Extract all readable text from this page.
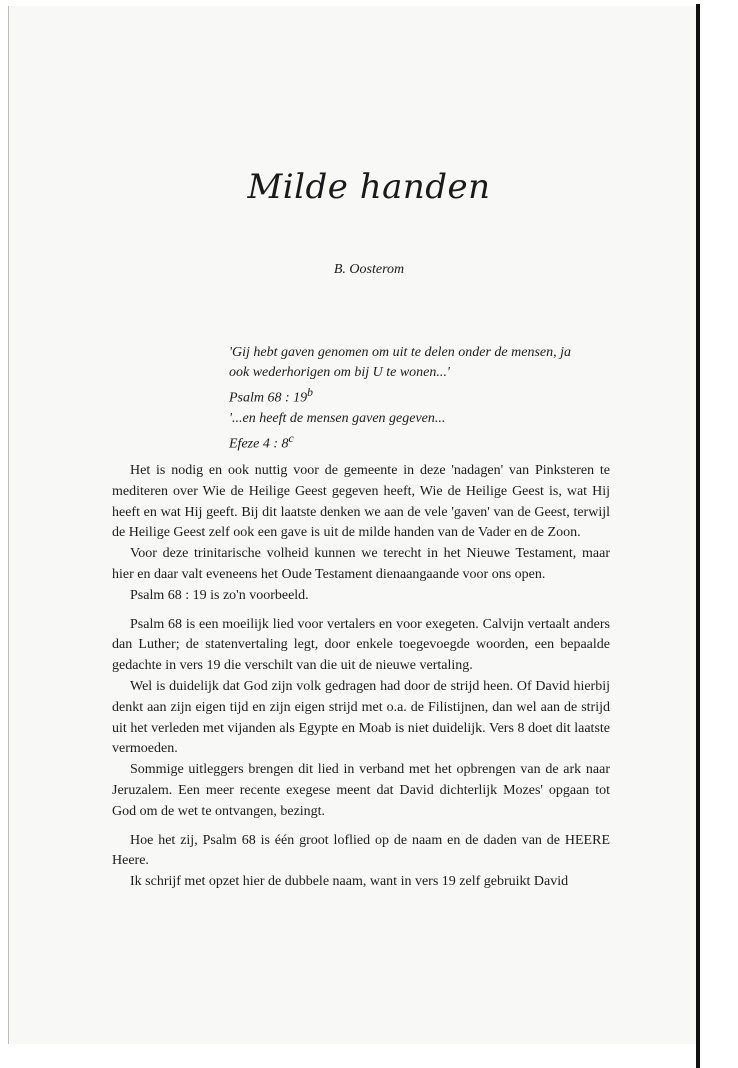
Milde handen
B. Oosterom
'Gij hebt gaven genomen om uit te delen onder de mensen, ja
ook wederhorigen om bij U te wonen...'
Psalm 68 : 19$^b$
'...en heeft de mensen gaven gegeven...
Efeze 4 : 8$^c$

Het is nodig en ook nuttig voor de gemeente in deze 'nadagen' van Pinksteren te mediteren over Wie de Heilige Geest gegeven heeft, Wie de Heilige Geest is, wat Hij heeft en wat Hij geeft. Bij dit laatste denken we aan de vele 'gaven' van de Geest, terwijl de Heilige Geest zelf ook een gave is uit de milde handen van de Vader en de Zoon.

Voor deze trinitarische volheid kunnen we terecht in het Nieuwe Testament, maar hier en daar valt eveneens het Oude Testament dienaangaande voor ons open.

Psalm 68 : 19 is zo'n voorbeeld.

Psalm 68 is een moeilijk lied voor vertalers en voor exegeten. Calvijn vertaalt anders dan Luther; de statenvertaling legt, door enkele toegevoegde woorden, een bepaalde gedachte in vers 19 die verschilt van die uit de nieuwe vertaling.

Wel is duidelijk dat God zijn volk gedragen had door de strijd heen. Of David hierbij denkt aan zijn eigen tijd en zijn eigen strijd met o.a. de Filistijnen, dan wel aan de strijd uit het verleden met vijanden als Egypte en Moab is niet duidelijk. Vers 8 doet dit laatste vermoeden.

Sommige uitleggers brengen dit lied in verband met het opbrengen van de ark naar Jeruzalem. Een meer recente exegese meent dat David dichterlijk Mozes' opgaan tot God om de wet te ontvangen, bezingt.

Hoe het zij, Psalm 68 is één groot loflied op de naam en de daden van de HEERE Heere.

Ik schrijf met opzet hier de dubbele naam, want in vers 19 zelf gebruikt David
